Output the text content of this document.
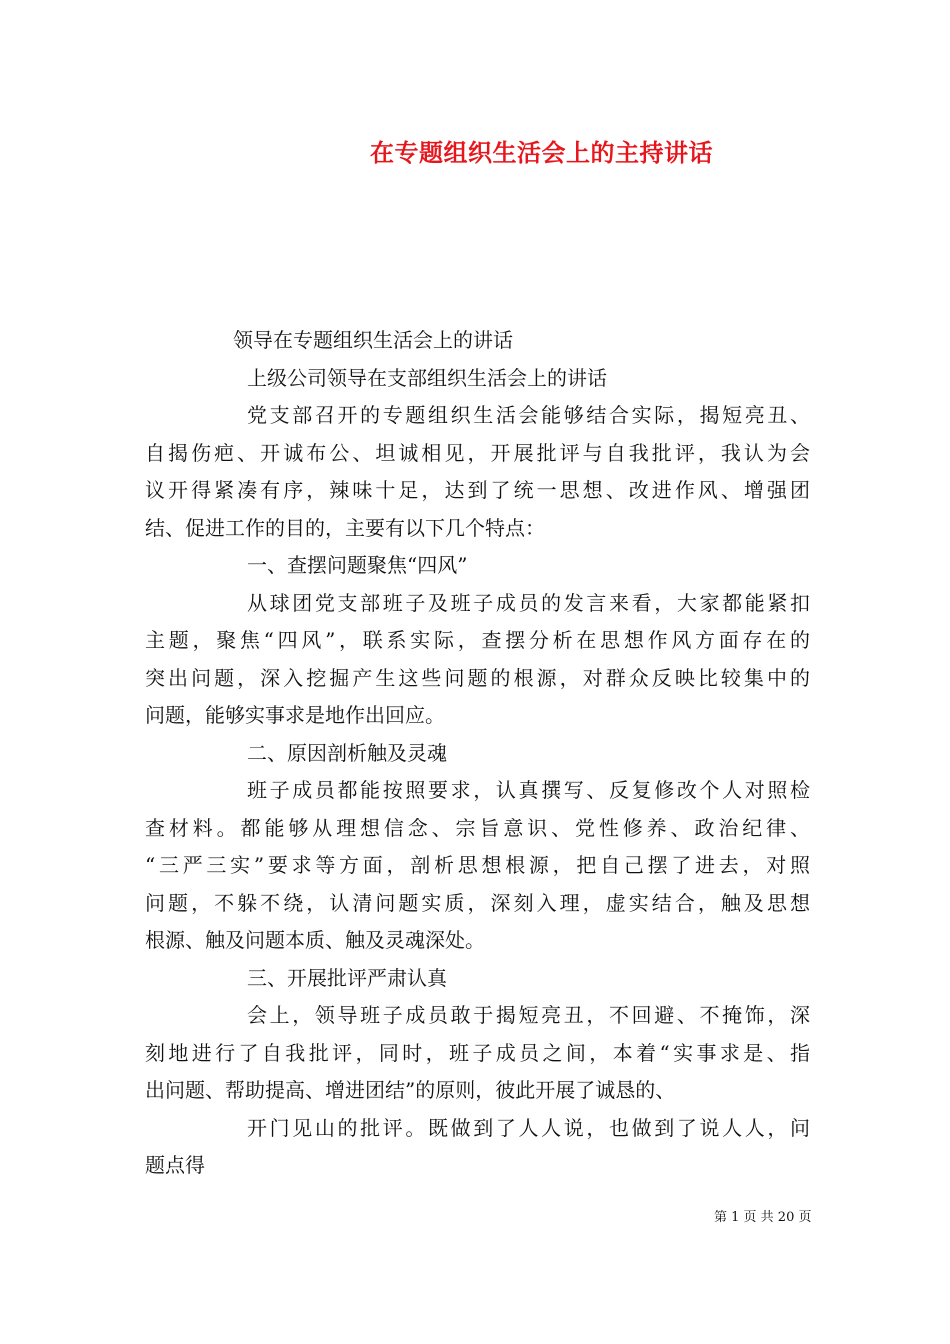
在专题组织生活会上的主持讲话
领导在专题组织生活会上的讲话
上级公司领导在支部组织生活会上的讲话
党支部召开的专题组织生活会能够结合实际，揭短亮丑、
自揭伤疤、开诚布公、坦诚相见，开展批评与自我批评，我认为会
议开得紧凑有序，辣味十足，达到了统一思想、改进作风、增强团
结、促进工作的目的，主要有以下几个特点：
一、查摆问题聚焦“四风”
从球团党支部班子及班子成员的发言来看，大家都能紧扣
主题，聚焦“四风”，联系实际，查摆分析在思想作风方面存在的
突出问题，深入挖掘产生这些问题的根源，对群众反映比较集中的
问题，能够实事求是地作出回应。
二、原因剖析触及灵魂
班子成员都能按照要求，认真撰写、反复修改个人对照检
查材料。都能够从理想信念、宗旨意识、党性修养、政治纪律、
“三严三实”要求等方面，剖析思想根源，把自己摆了进去，对照
问题，不躲不绕，认清问题实质，深刻入理，虚实结合，触及思想
根源、触及问题本质、触及灵魂深处。
三、开展批评严肃认真
会上，领导班子成员敢于揭短亮丑，不回避、不掩饰，深
刻地进行了自我批评，同时，班子成员之间，本着“实事求是、指
出问题、帮助提高、增进团结”的原则，彼此开展了诚恳的、
开门见山的批评。既做到了人人说，也做到了说人人，问
题点得
第 1 页 共 20 页
